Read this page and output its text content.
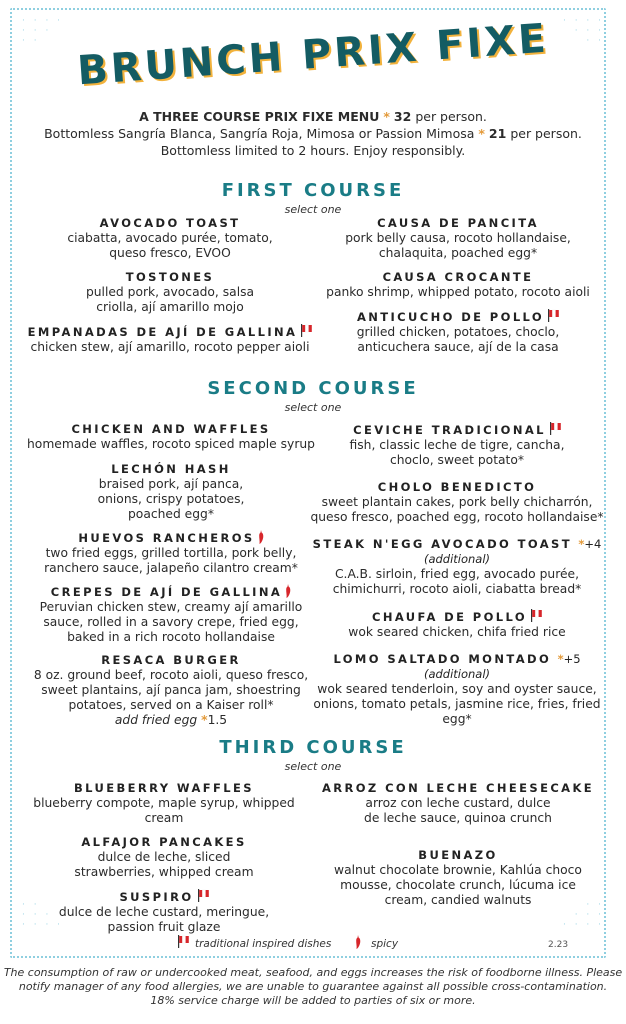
· · · ·
· · ·
· ·
· · · ·
· · ·
· ·
· ·
· · ·
· · · ·
· ·
· · ·
· · · ·
BRUNCH PRIX FIXE
A THREE COURSE PRIX FIXE MENU * 32 per person.
Bottomless Sangría Blanca, Sangría Roja, Mimosa or Passion Mimosa * 21 per person.
Bottomless limited to 2 hours. Enjoy responsibly.
FIRST COURSE
select one
AVOCADO TOAST
ciabatta, avocado purée, tomato, queso fresco, EVOO
TOSTONES
pulled pork, avocado, salsa criolla, ají amarillo mojo
EMPANADAS DE AJÍ DE GALLINA
chicken stew, ají amarillo, rocoto pepper aioli
CAUSA DE PANCITA
pork belly causa, rocoto hollandaise, chalaquita, poached egg*
CAUSA CROCANTE
panko shrimp, whipped potato, rocoto aioli
ANTICUCHO DE POLLO
grilled chicken, potatoes, choclo, anticuchera sauce, ají de la casa
SECOND COURSE
select one
CHICKEN AND WAFFLES
homemade waffles, rocoto spiced maple syrup
LECHÓN HASH
braised pork, ají panca, onions, crispy potatoes, poached egg*
HUEVOS RANCHEROS
two fried eggs, grilled tortilla, pork belly, ranchero sauce, jalapeño cilantro cream*
CREPES DE AJÍ DE GALLINA
Peruvian chicken stew, creamy ají amarillo sauce, rolled in a savory crepe, fried egg, baked in a rich rocoto hollandaise
RESACA BURGER
8 oz. ground beef, rocoto aioli, queso fresco, sweet plantains, ají panca jam, shoestring potatoes, served on a Kaiser roll*
add fried egg *1.5
CEVICHE TRADICIONAL
fish, classic leche de tigre, cancha, choclo, sweet potato*
CHOLO BENEDICTO
sweet plantain cakes, pork belly chicharrón, queso fresco, poached egg, rocoto hollandaise*
STEAK N'EGG AVOCADO TOAST *+4 (additional)
C.A.B. sirloin, fried egg, avocado purée, chimichurri, rocoto aioli, ciabatta bread*
CHAUFA DE POLLO
wok seared chicken, chifa fried rice
LOMO SALTADO MONTADO *+5 (additional)
wok seared tenderloin, soy and oyster sauce, onions, tomato petals, jasmine rice, fries, fried egg*
THIRD COURSE
select one
BLUEBERRY WAFFLES
blueberry compote, maple syrup, whipped cream
ALFAJOR PANCAKES
dulce de leche, sliced strawberries, whipped cream
SUSPIRO
dulce de leche custard, meringue, passion fruit glaze
ARROZ CON LECHE CHEESECAKE
arroz con leche custard, dulce de leche sauce, quinoa crunch
BUENAZO
walnut chocolate brownie, Kahlúa choco mousse, chocolate crunch, lúcuma ice cream, candied walnuts
traditional inspired dishes	spicy	2.23
The consumption of raw or undercooked meat, seafood, and eggs increases the risk of foodborne illness. Please
notify manager of any food allergies, we are unable to guarantee against all possible cross-contamination.
18% service charge will be added to parties of six or more.
